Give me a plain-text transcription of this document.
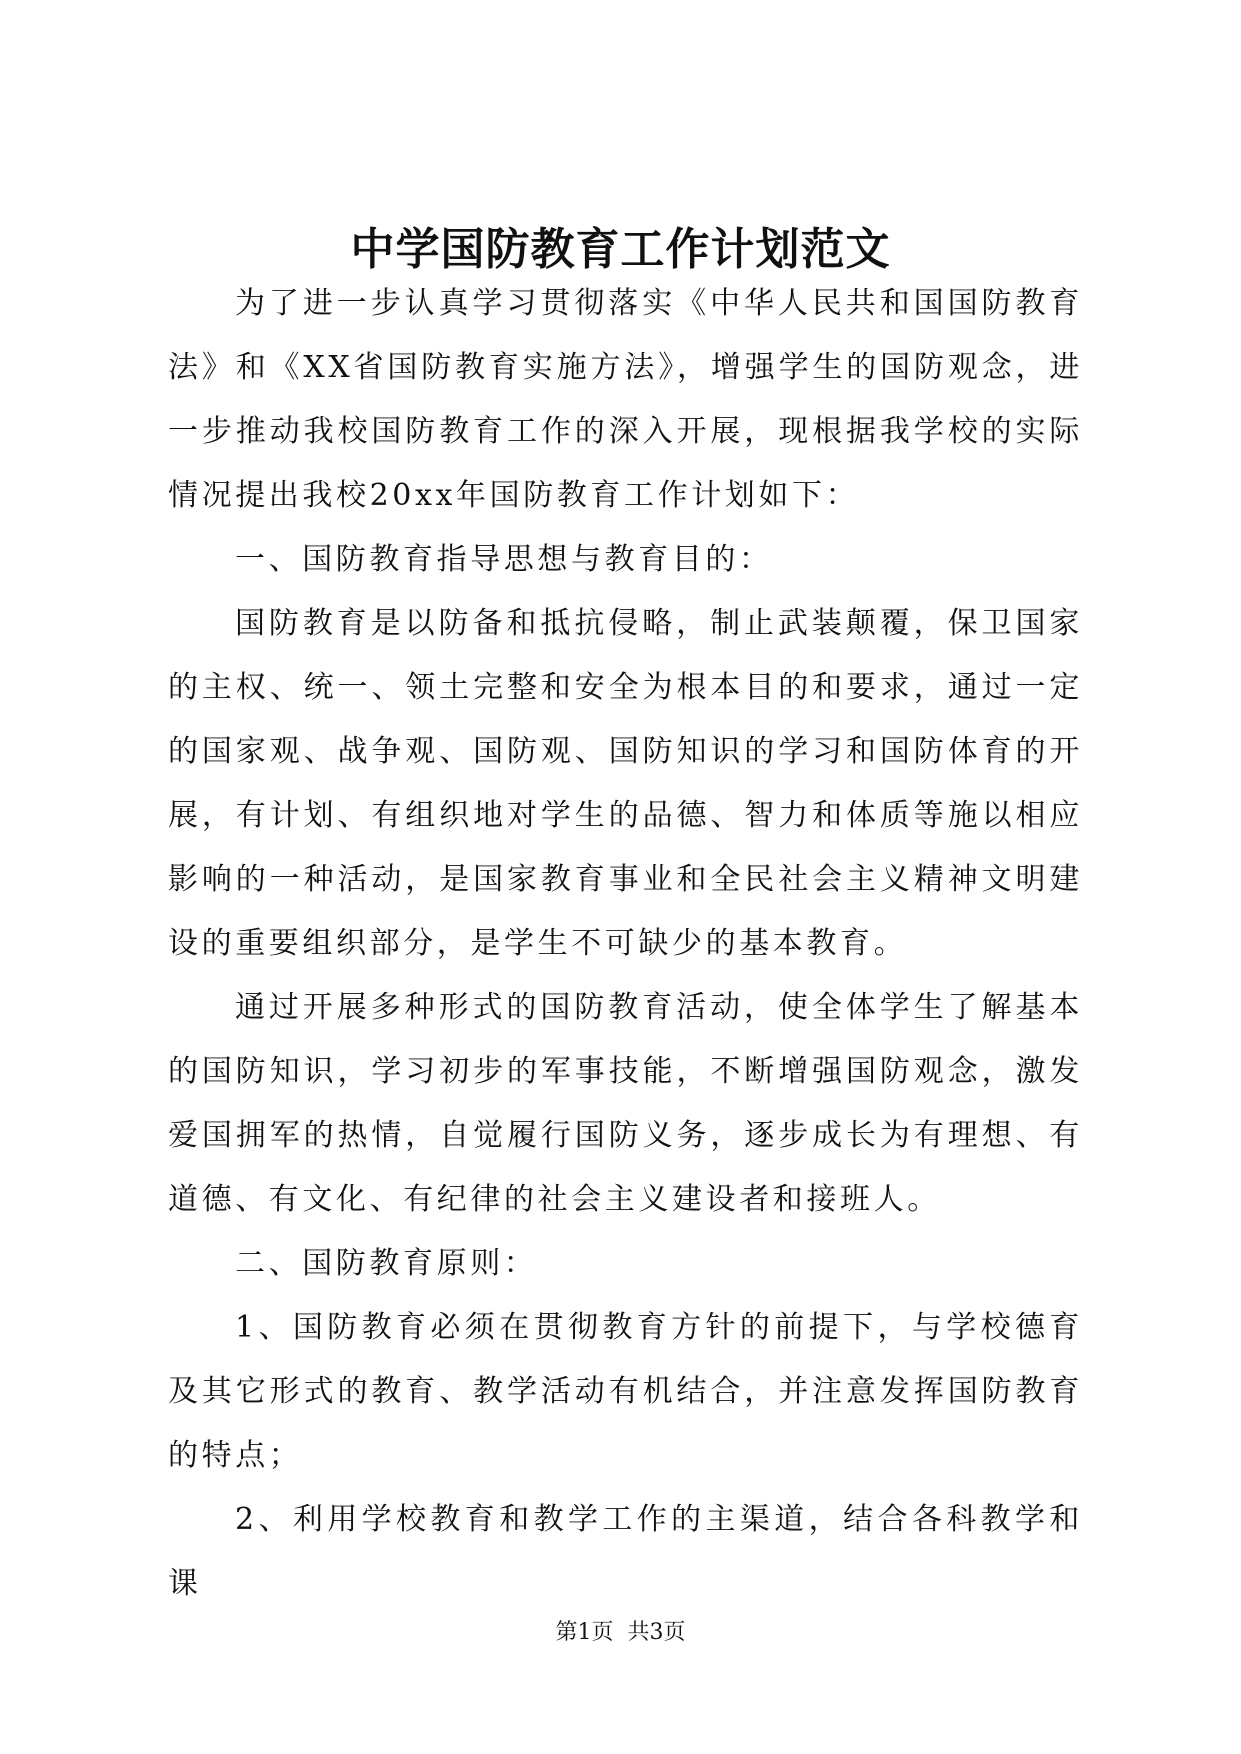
中学国防教育工作计划范文

为了进一步认真学习贯彻落实《中华人民共和国国防教育法》和《XX省国防教育实施方法》，增强学生的国防观念，进一步推动我校国防教育工作的深入开展，现根据我学校的实际情况提出我校20xx年国防教育工作计划如下：

一、国防教育指导思想与教育目的：

国防教育是以防备和抵抗侵略，制止武装颠覆，保卫国家的主权、统一、领土完整和安全为根本目的和要求，通过一定的国家观、战争观、国防观、国防知识的学习和国防体育的开展，有计划、有组织地对学生的品德、智力和体质等施以相应影响的一种活动，是国家教育事业和全民社会主义精神文明建设的重要组织部分，是学生不可缺少的基本教育。

通过开展多种形式的国防教育活动，使全体学生了解基本的国防知识，学习初步的军事技能，不断增强国防观念，激发爱国拥军的热情，自觉履行国防义务，逐步成长为有理想、有道德、有文化、有纪律的社会主义建设者和接班人。

二、国防教育原则：

1、国防教育必须在贯彻教育方针的前提下，与学校德育及其它形式的教育、教学活动有机结合，并注意发挥国防教育的特点；

2、利用学校教育和教学工作的主渠道，结合各科教学和课

第1页 共3页
